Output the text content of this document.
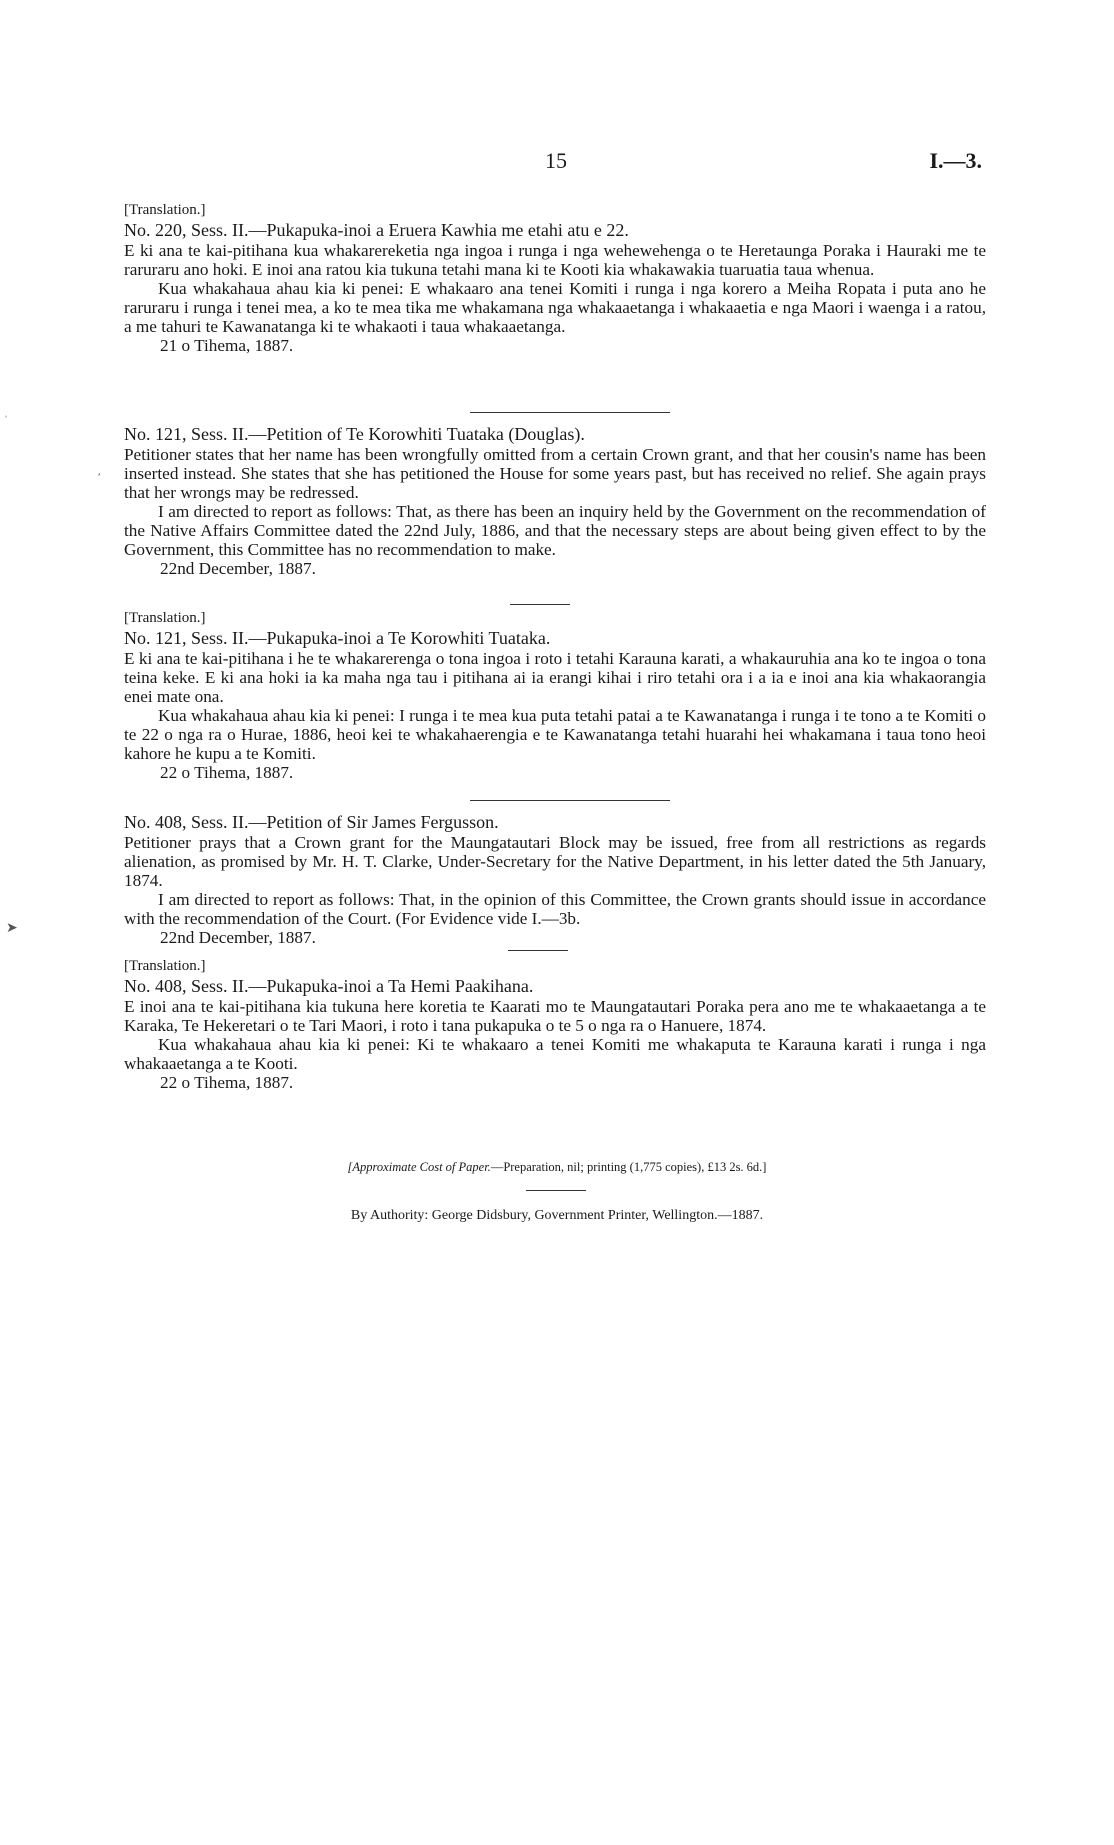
15	I.—3.

[Translation.]

No. 220, Sess. II.—Pukapuka-inoi a Eruera Kawhia me etahi atu e 22.

E ki ana te kai-pitihana kua whakarereketia nga ingoa i runga i nga wehewehenga o te Heretaunga Poraka i Hauraki me te raruraru ano hoki. E inoi ana ratou kia tukuna tetahi mana ki te Kooti kia whakawakia tuaruatia taua whenua.

Kua whakahaua ahau kia ki penei: E whakaaro ana tenei Komiti i runga i nga korero a Meiha Ropata i puta ano he raruraru i runga i tenei mea, a ko te mea tika me whakamana nga whakaaetanga i whakaaetia e nga Maori i waenga i a ratou, a me tahuri te Kawanatanga ki te whakaoti i taua whakaaetanga.

21 o Tihema, 1887.

No. 121, Sess. II.—Petition of Te Korowhiti Tuataka (Douglas).

Petitioner states that her name has been wrongfully omitted from a certain Crown grant, and that her cousin's name has been inserted instead. She states that she has petitioned the House for some years past, but has received no relief. She again prays that her wrongs may be redressed.

I am directed to report as follows: That, as there has been an inquiry held by the Government on the recommendation of the Native Affairs Committee dated the 22nd July, 1886, and that the necessary steps are about being given effect to by the Government, this Committee has no recommendation to make.

22nd December, 1887.

[Translation.]

No. 121, Sess. II.—Pukapuka-inoi a Te Korowhiti Tuataka.

E ki ana te kai-pitihana i he te whakarerenga o tona ingoa i roto i tetahi Karauna karati, a whakauruhia ana ko te ingoa o tona teina keke. E ki ana hoki ia ka maha nga tau i pitihana ai ia erangi kihai i riro tetahi ora i a ia e inoi ana kia whakaorangia enei mate ona.

Kua whakahaua ahau kia ki penei: I runga i te mea kua puta tetahi patai a te Kawanatanga i runga i te tono a te Komiti o te 22 o nga ra o Hurae, 1886, heoi kei te whakahaerengia e te Kawanatanga tetahi huarahi hei whakamana i taua tono heoi kahore he kupu a te Komiti.

22 o Tihema, 1887.

No. 408, Sess. II.—Petition of Sir James Fergusson.

Petitioner prays that a Crown grant for the Maungatautari Block may be issued, free from all restrictions as regards alienation, as promised by Mr. H. T. Clarke, Under-Secretary for the Native Department, in his letter dated the 5th January, 1874.

I am directed to report as follows: That, in the opinion of this Committee, the Crown grants should issue in accordance with the recommendation of the Court. (For Evidence vide I.—3b.

22nd December, 1887.

[Translation.]

No. 408, Sess. II.—Pukapuka-inoi a Ta Hemi Paakihana.

E inoi ana te kai-pitihana kia tukuna here koretia te Kaarati mo te Maungatautari Poraka pera ano me te whakaaetanga a te Karaka, Te Hekeretari o te Tari Maori, i roto i tana pukapuka o te 5 o nga ra o Hanuere, 1874.

Kua whakahaua ahau kia ki penei: Ki te whakaaro a tenei Komiti me whakaputa te Karauna karati i runga i nga whakaaetanga a te Kooti.

22 o Tihema, 1887.

[Approximate Cost of Paper.—Preparation, nil; printing (1,775 copies), £13 2s. 6d.]
By Authority: George Didsbury, Government Printer, Wellington.—1887.
ˌ
ʹ
➤
